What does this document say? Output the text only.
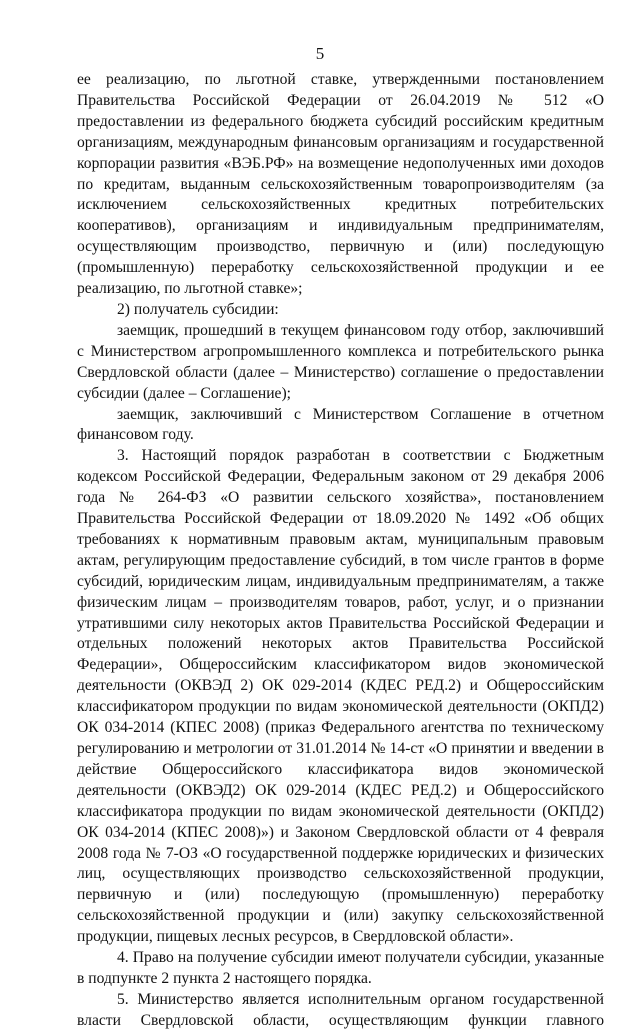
5

ее реализацию, по льготной ставке, утвержденными постановлением Правительства Российской Федерации от 26.04.2019 № 512 «О предоставлении из федерального бюджета субсидий российским кредитным организациям, международным финансовым организациям и государственной корпорации развития «ВЭБ.РФ» на возмещение недополученных ими доходов по кредитам, выданным сельскохозяйственным товаропроизводителям (за исключением сельскохозяйственных кредитных потребительских кооперативов), организациям и индивидуальным предпринимателям, осуществляющим производство, первичную и (или) последующую (промышленную) переработку сельскохозяйственной продукции и ее реализацию, по льготной ставке»;

2) получатель субсидии:

заемщик, прошедший в текущем финансовом году отбор, заключивший с Министерством агропромышленного комплекса и потребительского рынка Свердловской области (далее – Министерство) соглашение о предоставлении субсидии (далее – Соглашение);

заемщик, заключивший с Министерством Соглашение в отчетном финансовом году.

3. Настоящий порядок разработан в соответствии с Бюджетным кодексом Российской Федерации, Федеральным законом от 29 декабря 2006 года № 264-ФЗ «О развитии сельского хозяйства», постановлением Правительства Российской Федерации от 18.09.2020 № 1492 «Об общих требованиях к нормативным правовым актам, муниципальным правовым актам, регулирующим предоставление субсидий, в том числе грантов в форме субсидий, юридическим лицам, индивидуальным предпринимателям, а также физическим лицам – производителям товаров, работ, услуг, и о признании утратившими силу некоторых актов Правительства Российской Федерации и отдельных положений некоторых актов Правительства Российской Федерации», Общероссийским классификатором видов экономической деятельности (ОКВЭД 2) ОК 029-2014 (КДЕС РЕД.2) и Общероссийским классификатором продукции по видам экономической деятельности (ОКПД2) ОК 034-2014 (КПЕС 2008) (приказ Федерального агентства по техническому регулированию и метрологии от 31.01.2014 № 14-ст «О принятии и введении в действие Общероссийского классификатора видов экономической деятельности (ОКВЭД2) ОК 029-2014 (КДЕС РЕД.2) и Общероссийского классификатора продукции по видам экономической деятельности (ОКПД2) ОК 034-2014 (КПЕС 2008)») и Законом Свердловской области от 4 февраля 2008 года № 7-ОЗ «О государственной поддержке юридических и физических лиц, осуществляющих производство сельскохозяйственной продукции, первичную и (или) последующую (промышленную) переработку сельскохозяйственной продукции и (или) закупку сельскохозяйственной продукции, пищевых лесных ресурсов, в Свердловской области».

4. Право на получение субсидии имеют получатели субсидии, указанные в подпункте 2 пункта 2 настоящего порядка.

5. Министерство является исполнительным органом государственной власти Свердловской области, осуществляющим функции главного
